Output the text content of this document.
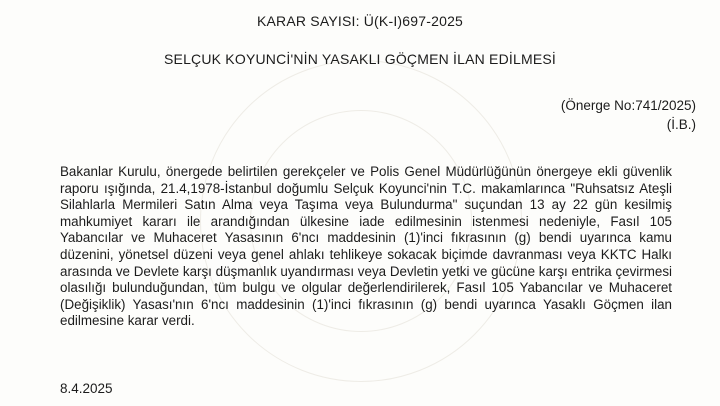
KARAR SAYISI: Ü(K-I)697-2025
SELÇUK KOYUNCİ'NİN YASAKLI GÖÇMEN İLAN EDİLMESİ
(Önerge No:741/2025)
(İ.B.)

Bakanlar Kurulu, önergede belirtilen gerekçeler ve Polis Genel Müdürlüğünün önergeye ekli güvenlik raporu ışığında, 21.4,1978-İstanbul doğumlu Selçuk Koyunci'nin T.C. makamlarınca "Ruhsatsız Ateşli Silahlarla Mermileri Satın Alma veya Taşıma veya Bulundurma" suçundan 13 ay 22 gün kesilmiş mahkumiyet kararı ile arandığından ülkesine iade edilmesinin istenmesi nedeniyle, Fasıl 105 Yabancılar ve Muhaceret Yasasının 6'ncı maddesinin (1)'inci fıkrasının (g) bendi uyarınca kamu düzenini, yönetsel düzeni veya genel ahlakı tehlikeye sokacak biçimde davranması veya KKTC Halkı arasında ve Devlete karşı düşmanlık uyandırması veya Devletin yetki ve gücüne karşı entrika çevirmesi olasılığı bulunduğundan, tüm bulgu ve olgular değerlendirilerek, Fasıl 105 Yabancılar ve Muhaceret (Değişiklik) Yasası'nın 6'ncı maddesinin (1)'inci fıkrasının (g) bendi uyarınca Yasaklı Göçmen ilan edilmesine karar verdi.

8.4.2025
